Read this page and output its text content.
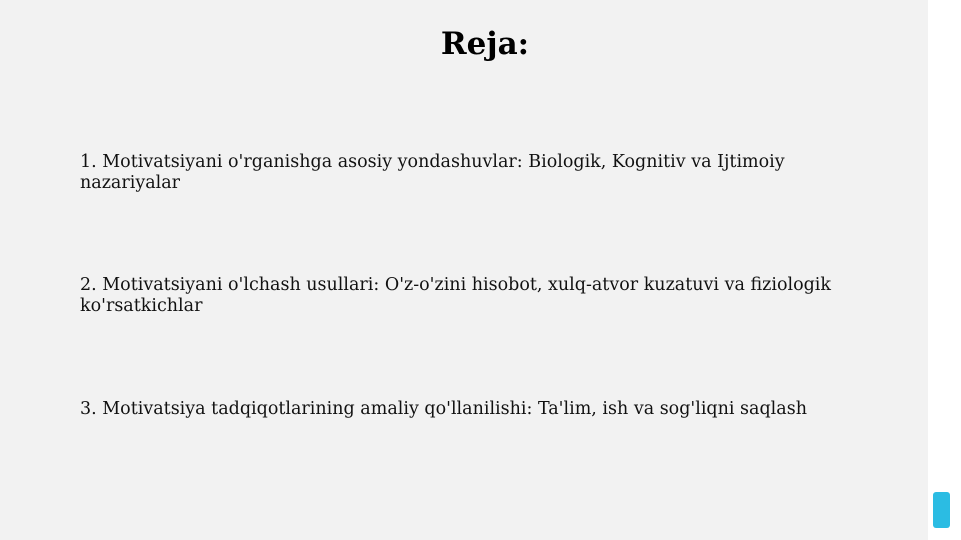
Reja:
1. Motivatsiyani o'rganishga asosiy yondashuvlar: Biologik, Kognitiv va Ijtimoiy nazariyalar
2. Motivatsiyani o'lchash usullari: O'z-o'zini hisobot, xulq-atvor kuzatuvi va fiziologik ko'rsatkichlar
3. Motivatsiya tadqiqotlarining amaliy qo'llanilishi: Ta'lim, ish va sog'liqni saqlash
